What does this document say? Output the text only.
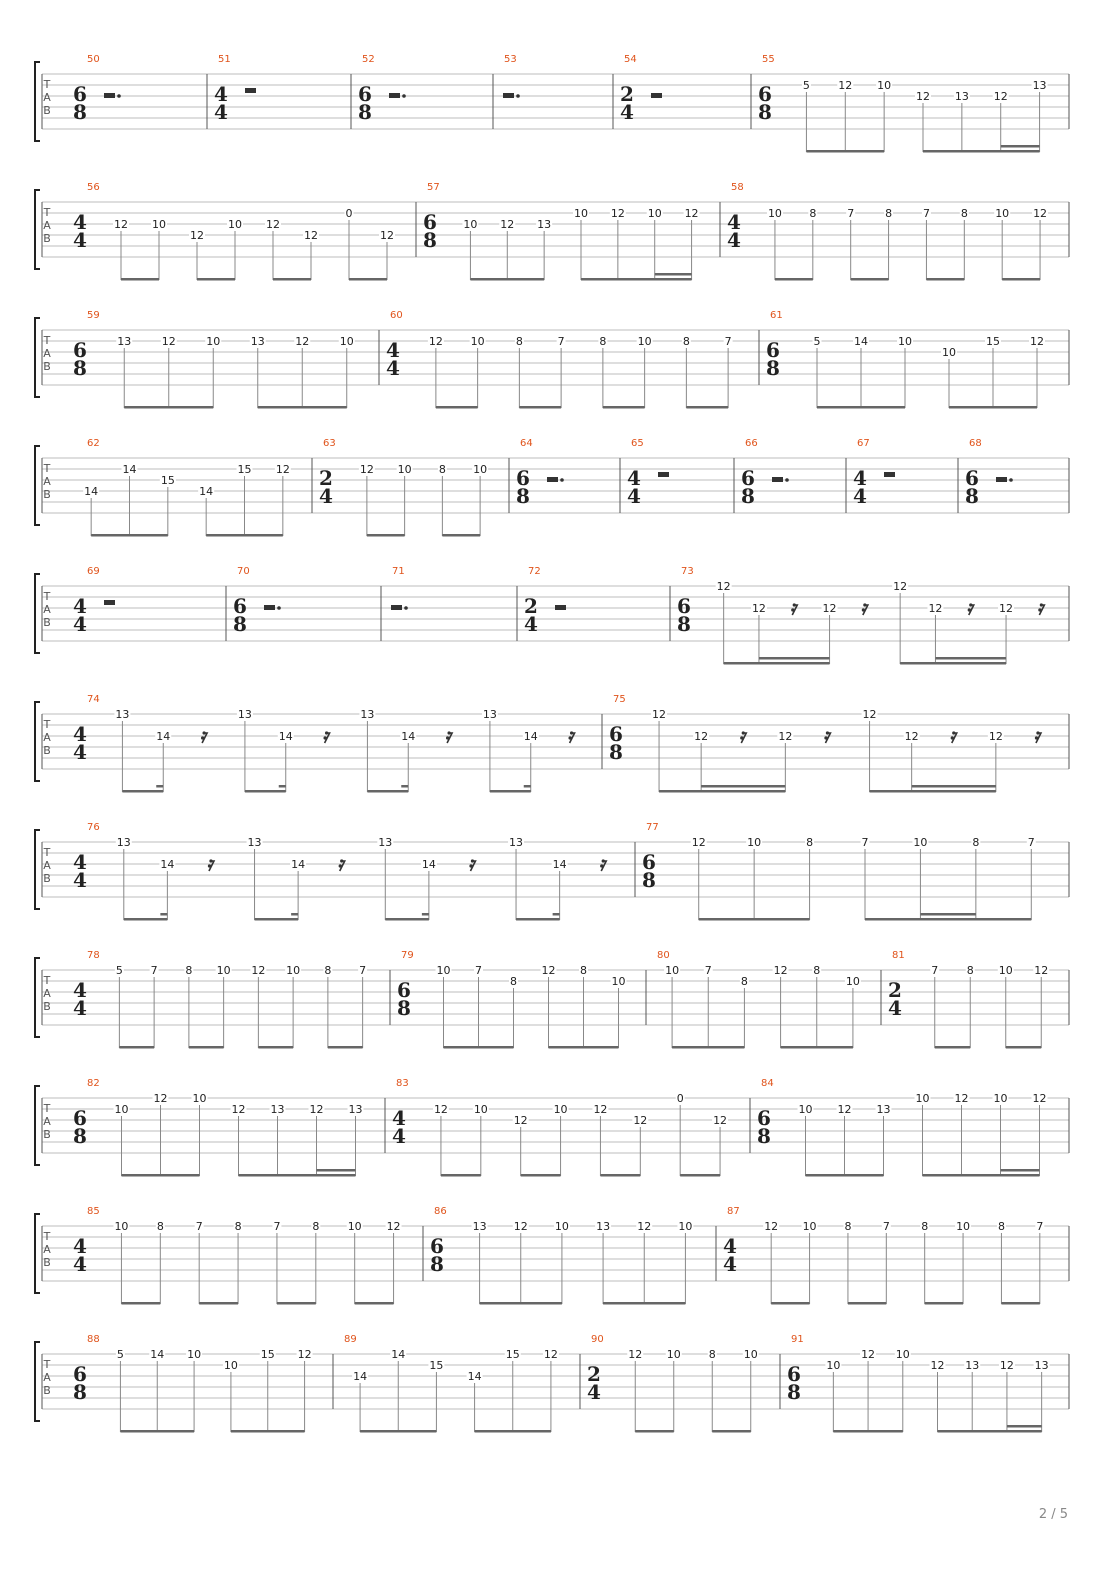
T
A
B
50
6
8
51
4
4
52
6
8
53	54
2
4
55
6
8
5	12 10
12 13 12
13
T
A
B
56
4
4
12 10
12
10 12
12
0
12
57
6
8
10 12 13
10 12 10 12
58
4
4
10 8	7	8	7	8 10 12
T
A
B
59
6
8
13	12	10	13	12	10
60
4
4
12	10	8	7	8	10	8	7
61
6
8
5	14	10
10
15	12
T
A
B
62
14
14
15
14
15 12
63
2
4
12 10 8 10
64
6
8
65
4
4
66
6
8
67
4
4
68
6
8
T
A
B
69
4
4
70
6
8
71	72
2
4
73
6
8
12
12	12
12
12	12
T
A
B
74
4
4
13
14
13
14
13
14
13
14
75
6
8
12
12	12
12
12	12
T
A
B
76
4
4
13
14
13
14
13
14
13
14
77
6
8
12	10	8	7	10	8	7
T
A
B
78
4
4
5	7	8 10 12 10 8	7
79
6
8
10 7
8
12 8
10
80
10 7
8
12 8
10
81
2
4
7	8 10 12
T
A
B
82
6
8
10
12 10
12 13 12 13
83
4
4
12 10
12
10 12
12
0
12
84
6
8
10 12 13
10 12 10 12
T
A
B
85
4
4
10	8	7	8	7	8	10 12
86
6
8
13 12 10 13 12 10
87
4
4
12 10	8	7	8	10	8	7
T
A
B
88
6
8
5 14 10
10
15 12
89
14
14
15
14
15 12
90
2
4
12 10	8	10
91
6
8
10
12 10
12 13 12 13
2 / 5
